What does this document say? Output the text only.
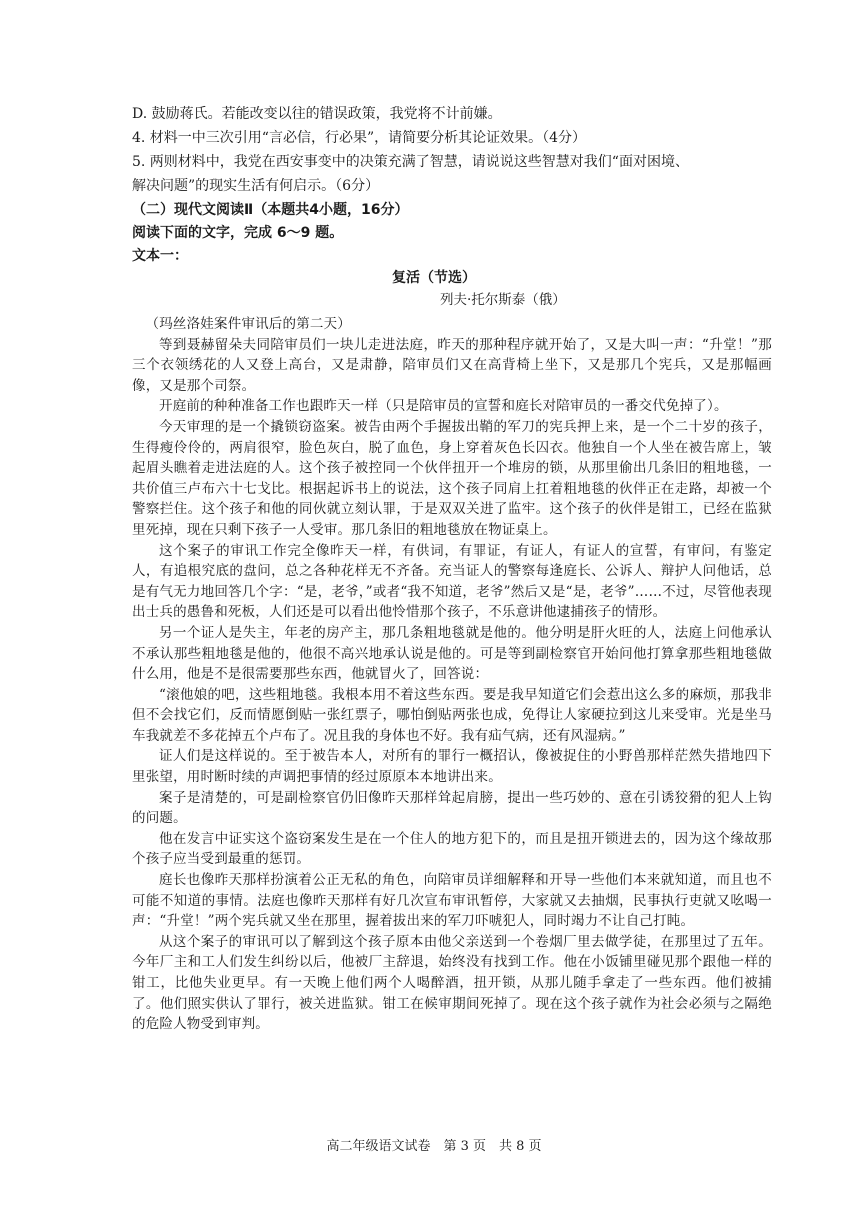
D. 鼓励蒋氏。若能改变以往的错误政策，我党将不计前嫌。
4. 材料一中三次引用“言必信，行必果”，请简要分析其论证效果。（4分）
5. 两则材料中，我党在西安事变中的决策充满了智慧，请说说这些智慧对我们“面对困境、
解决问题”的现实生活有何启示。（6分）
（二）现代文阅读Ⅱ（本题共4小题，16分）
阅读下面的文字，完成 6～9 题。
文本一：
复活（节选）
列夫·托尔斯泰（俄）

（玛丝洛娃案件审讯后的第二天）

等到聂赫留朵夫同陪审员们一块儿走进法庭，昨天的那种程序就开始了，又是大叫一声：“升堂！”那三个衣领绣花的人又登上高台，又是肃静，陪审员们又在高背椅上坐下，又是那几个宪兵，又是那幅画像，又是那个司祭。

开庭前的种种准备工作也跟昨天一样（只是陪审员的宣誓和庭长对陪审员的一番交代免掉了）。

今天审理的是一个撬锁窃盗案。被告由两个手握拔出鞘的军刀的宪兵押上来，是一个二十岁的孩子，生得瘦伶伶的，两肩很窄，脸色灰白，脱了血色，身上穿着灰色长囚衣。他独自一个人坐在被告席上，皱起眉头瞧着走进法庭的人。这个孩子被控同一个伙伴扭开一个堆房的锁，从那里偷出几条旧的粗地毯，一共价值三卢布六十七戈比。根据起诉书上的说法，这个孩子同肩上扛着粗地毯的伙伴正在走路，却被一个警察拦住。这个孩子和他的同伙就立刻认罪，于是双双关进了监牢。这个孩子的伙伴是钳工，已经在监狱里死掉，现在只剩下孩子一人受审。那几条旧的粗地毯放在物证桌上。

这个案子的审讯工作完全像昨天一样，有供词，有罪证，有证人，有证人的宣誓，有审问，有鉴定人，有追根究底的盘问，总之各种花样无不齐备。充当证人的警察每逢庭长、公诉人、辩护人问他话，总是有气无力地回答几个字：“是，老爷，”或者“我不知道，老爷”然后又是“是，老爷”……不过，尽管他表现出士兵的愚鲁和死板，人们还是可以看出他怜惜那个孩子，不乐意讲他逮捕孩子的情形。

另一个证人是失主，年老的房产主，那几条粗地毯就是他的。他分明是肝火旺的人，法庭上问他承认不承认那些粗地毯是他的，他很不高兴地承认说是他的。可是等到副检察官开始问他打算拿那些粗地毯做什么用，他是不是很需要那些东西，他就冒火了，回答说：

“滚他娘的吧，这些粗地毯。我根本用不着这些东西。要是我早知道它们会惹出这么多的麻烦，那我非但不会找它们，反而情愿倒贴一张红票子，哪怕倒贴两张也成，免得让人家硬拉到这儿来受审。光是坐马车我就差不多花掉五个卢布了。况且我的身体也不好。我有疝气病，还有风湿病。”

证人们是这样说的。至于被告本人，对所有的罪行一概招认，像被捉住的小野兽那样茫然失措地四下里张望，用时断时续的声调把事情的经过原原本本地讲出来。

案子是清楚的，可是副检察官仍旧像昨天那样耸起肩膀，提出一些巧妙的、意在引诱狡猾的犯人上钩的问题。

他在发言中证实这个盗窃案发生是在一个住人的地方犯下的，而且是扭开锁进去的，因为这个缘故那个孩子应当受到最重的惩罚。

庭长也像昨天那样扮演着公正无私的角色，向陪审员详细解释和开导一些他们本来就知道，而且也不可能不知道的事情。法庭也像昨天那样有好几次宣布审讯暂停，大家就又去抽烟，民事执行吏就又吆喝一声：“升堂！”两个宪兵就又坐在那里，握着拔出来的军刀吓唬犯人，同时竭力不让自己打盹。

从这个案子的审讯可以了解到这个孩子原本由他父亲送到一个卷烟厂里去做学徒，在那里过了五年。今年厂主和工人们发生纠纷以后，他被厂主辞退，始终没有找到工作。他在小饭铺里碰见那个跟他一样的钳工，比他失业更早。有一天晚上他们两个人喝醉酒，扭开锁，从那儿随手拿走了一些东西。他们被捕了。他们照实供认了罪行，被关进监狱。钳工在候审期间死掉了。现在这个孩子就作为社会必须与之隔绝的危险人物受到审判。

高二年级语文试卷　第 3 页　共 8 页
